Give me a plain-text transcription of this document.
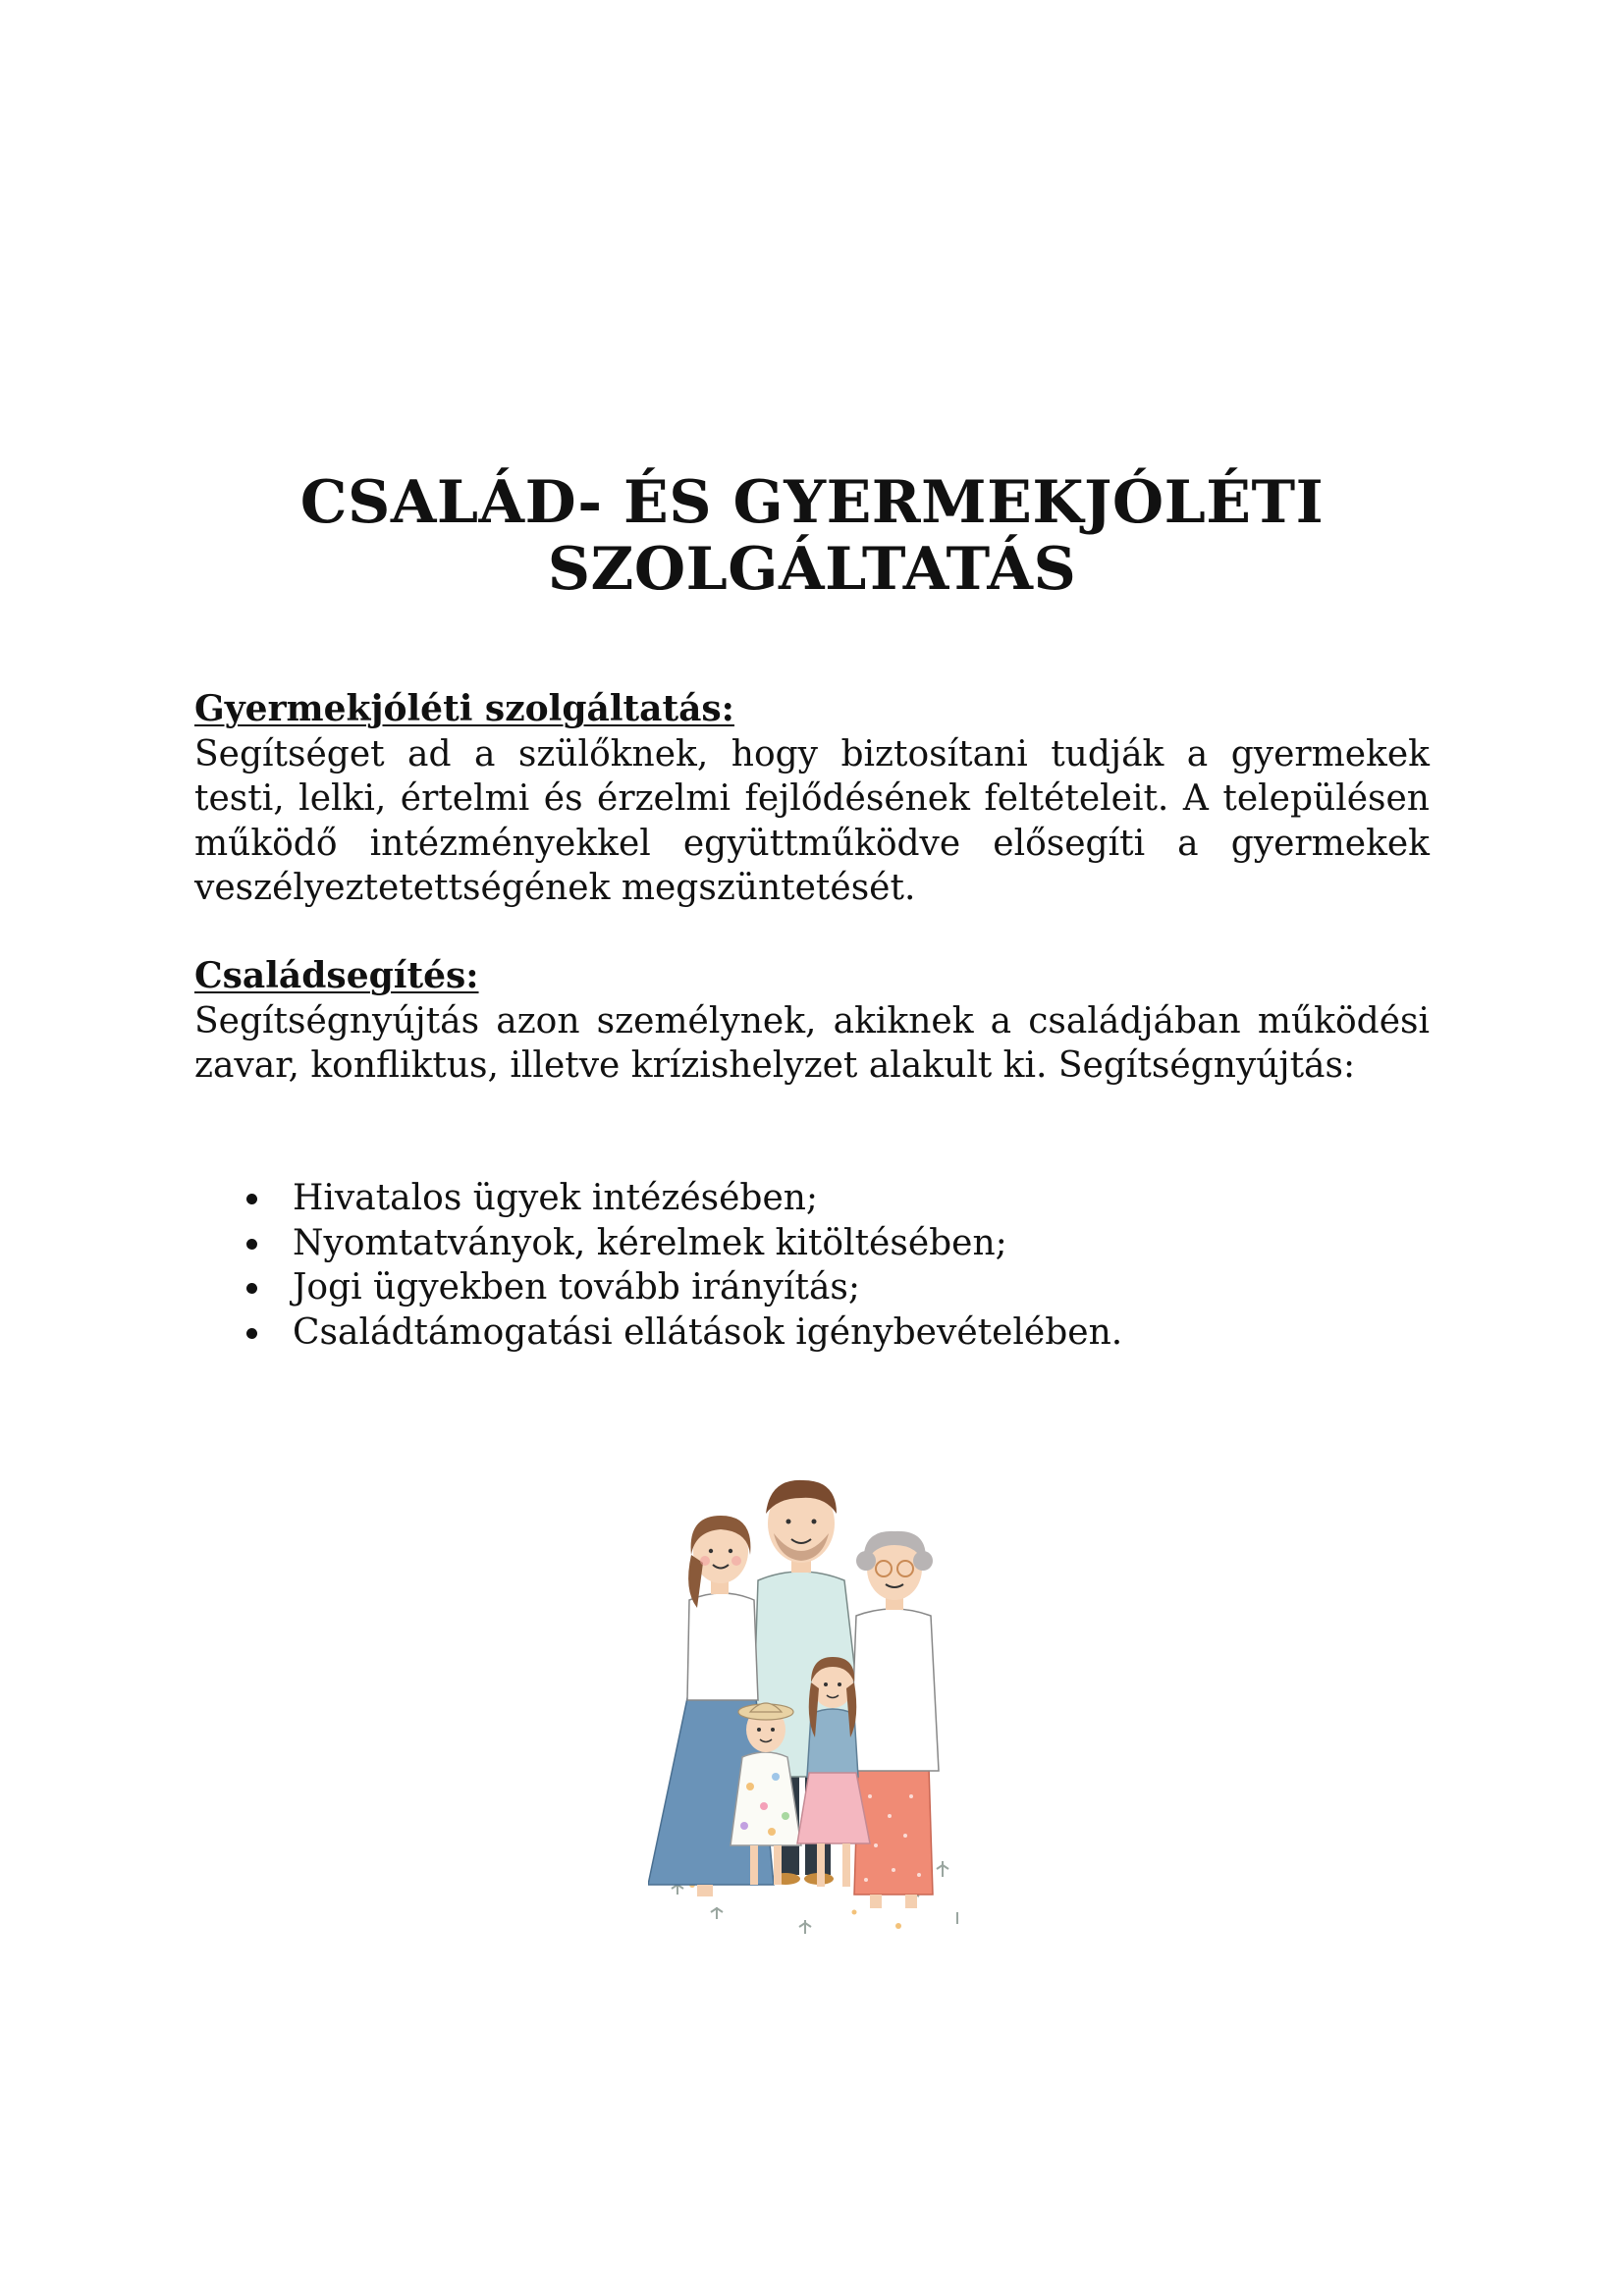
CSALÁD- ÉS GYERMEKJÓLÉTI
SZOLGÁLTATÁS
Gyermekjóléti szolgáltatás:

Segítséget ad a szülőknek, hogy biztosítani tudják a gyermekek testi, lelki, értelmi és érzelmi fejlődésének feltételeit. A településen működő intézményekkel együttműködve elősegíti a gyermekek veszélyeztetettségének megszüntetését.

Családsegítés:

Segítségnyújtás azon személynek, akiknek a családjában működési zavar, konfliktus, illetve krízishelyzet alakult ki. Segítségnyújtás:

Hivatalos ügyek intézésében;
Nyomtatványok, kérelmek kitöltésében;
Jogi ügyekben tovább irányítás;
Családtámogatási ellátások igénybevételében.
